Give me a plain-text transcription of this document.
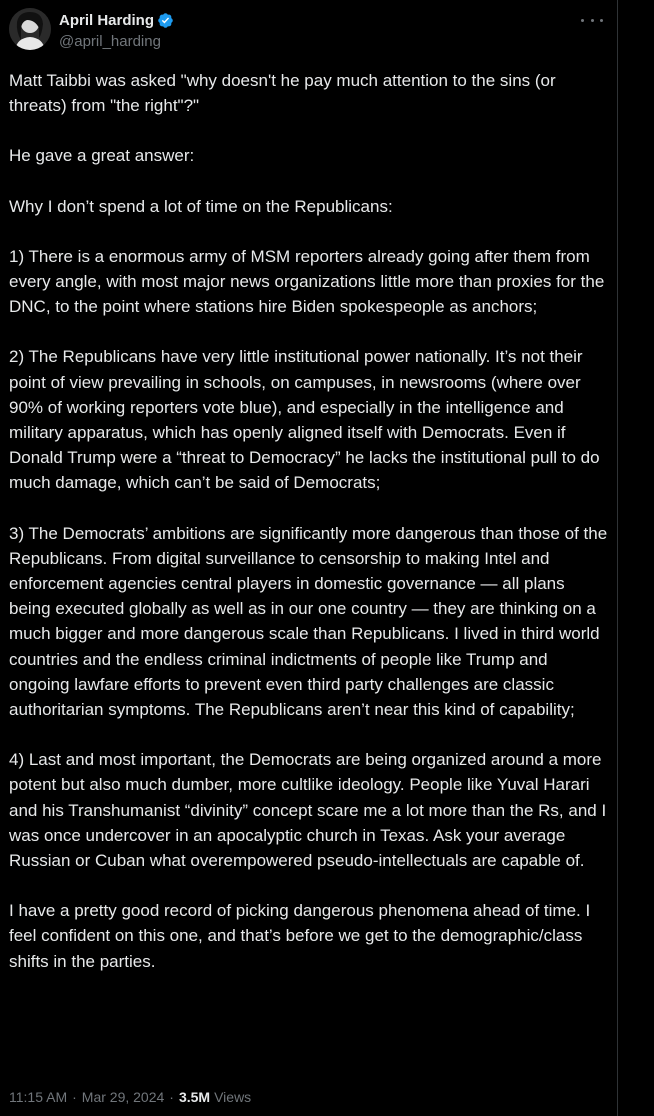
April Harding
@april_harding

Matt Taibbi was asked "why doesn't he pay much attention to the sins (or threats) from "the right"?"

He gave a great answer:

Why I don’t spend a lot of time on the Republicans:

1) There is a enormous army of MSM reporters already going after them from every angle, with most major news organizations little more than proxies for the DNC, to the point where stations hire Biden spokespeople as anchors;

2) The Republicans have very little institutional power nationally. It’s not their point of view prevailing in schools, on campuses, in newsrooms (where over 90% of working reporters vote blue), and especially in the intelligence and military apparatus, which has openly aligned itself with Democrats. Even if Donald Trump were a “threat to Democracy” he lacks the institutional pull to do much damage, which can’t be said of Democrats;

3) The Democrats’ ambitions are significantly more dangerous than those of the Republicans. From digital surveillance to censorship to making Intel and enforcement agencies central players in domestic governance — all plans being executed globally as well as in our one country — they are thinking on a much bigger and more dangerous scale than Republicans. I lived in third world countries and the endless criminal indictments of people like Trump and ongoing lawfare efforts to prevent even third party challenges are classic authoritarian symptoms. The Republicans aren’t near this kind of capability;

4) Last and most important, the Democrats are being organized around a more potent but also much dumber, more cultlike ideology. People like Yuval Harari and his Transhumanist “divinity” concept scare me a lot more than the Rs, and I was once undercover in an apocalyptic church in Texas. Ask your average Russian or Cuban what overempowered pseudo-intellectuals are capable of.

I have a pretty good record of picking dangerous phenomena ahead of time. I feel confident on this one, and that’s before we get to the demographic/class shifts in the parties.

11:15 AM · Mar 29, 2024 · 3.5M Views
